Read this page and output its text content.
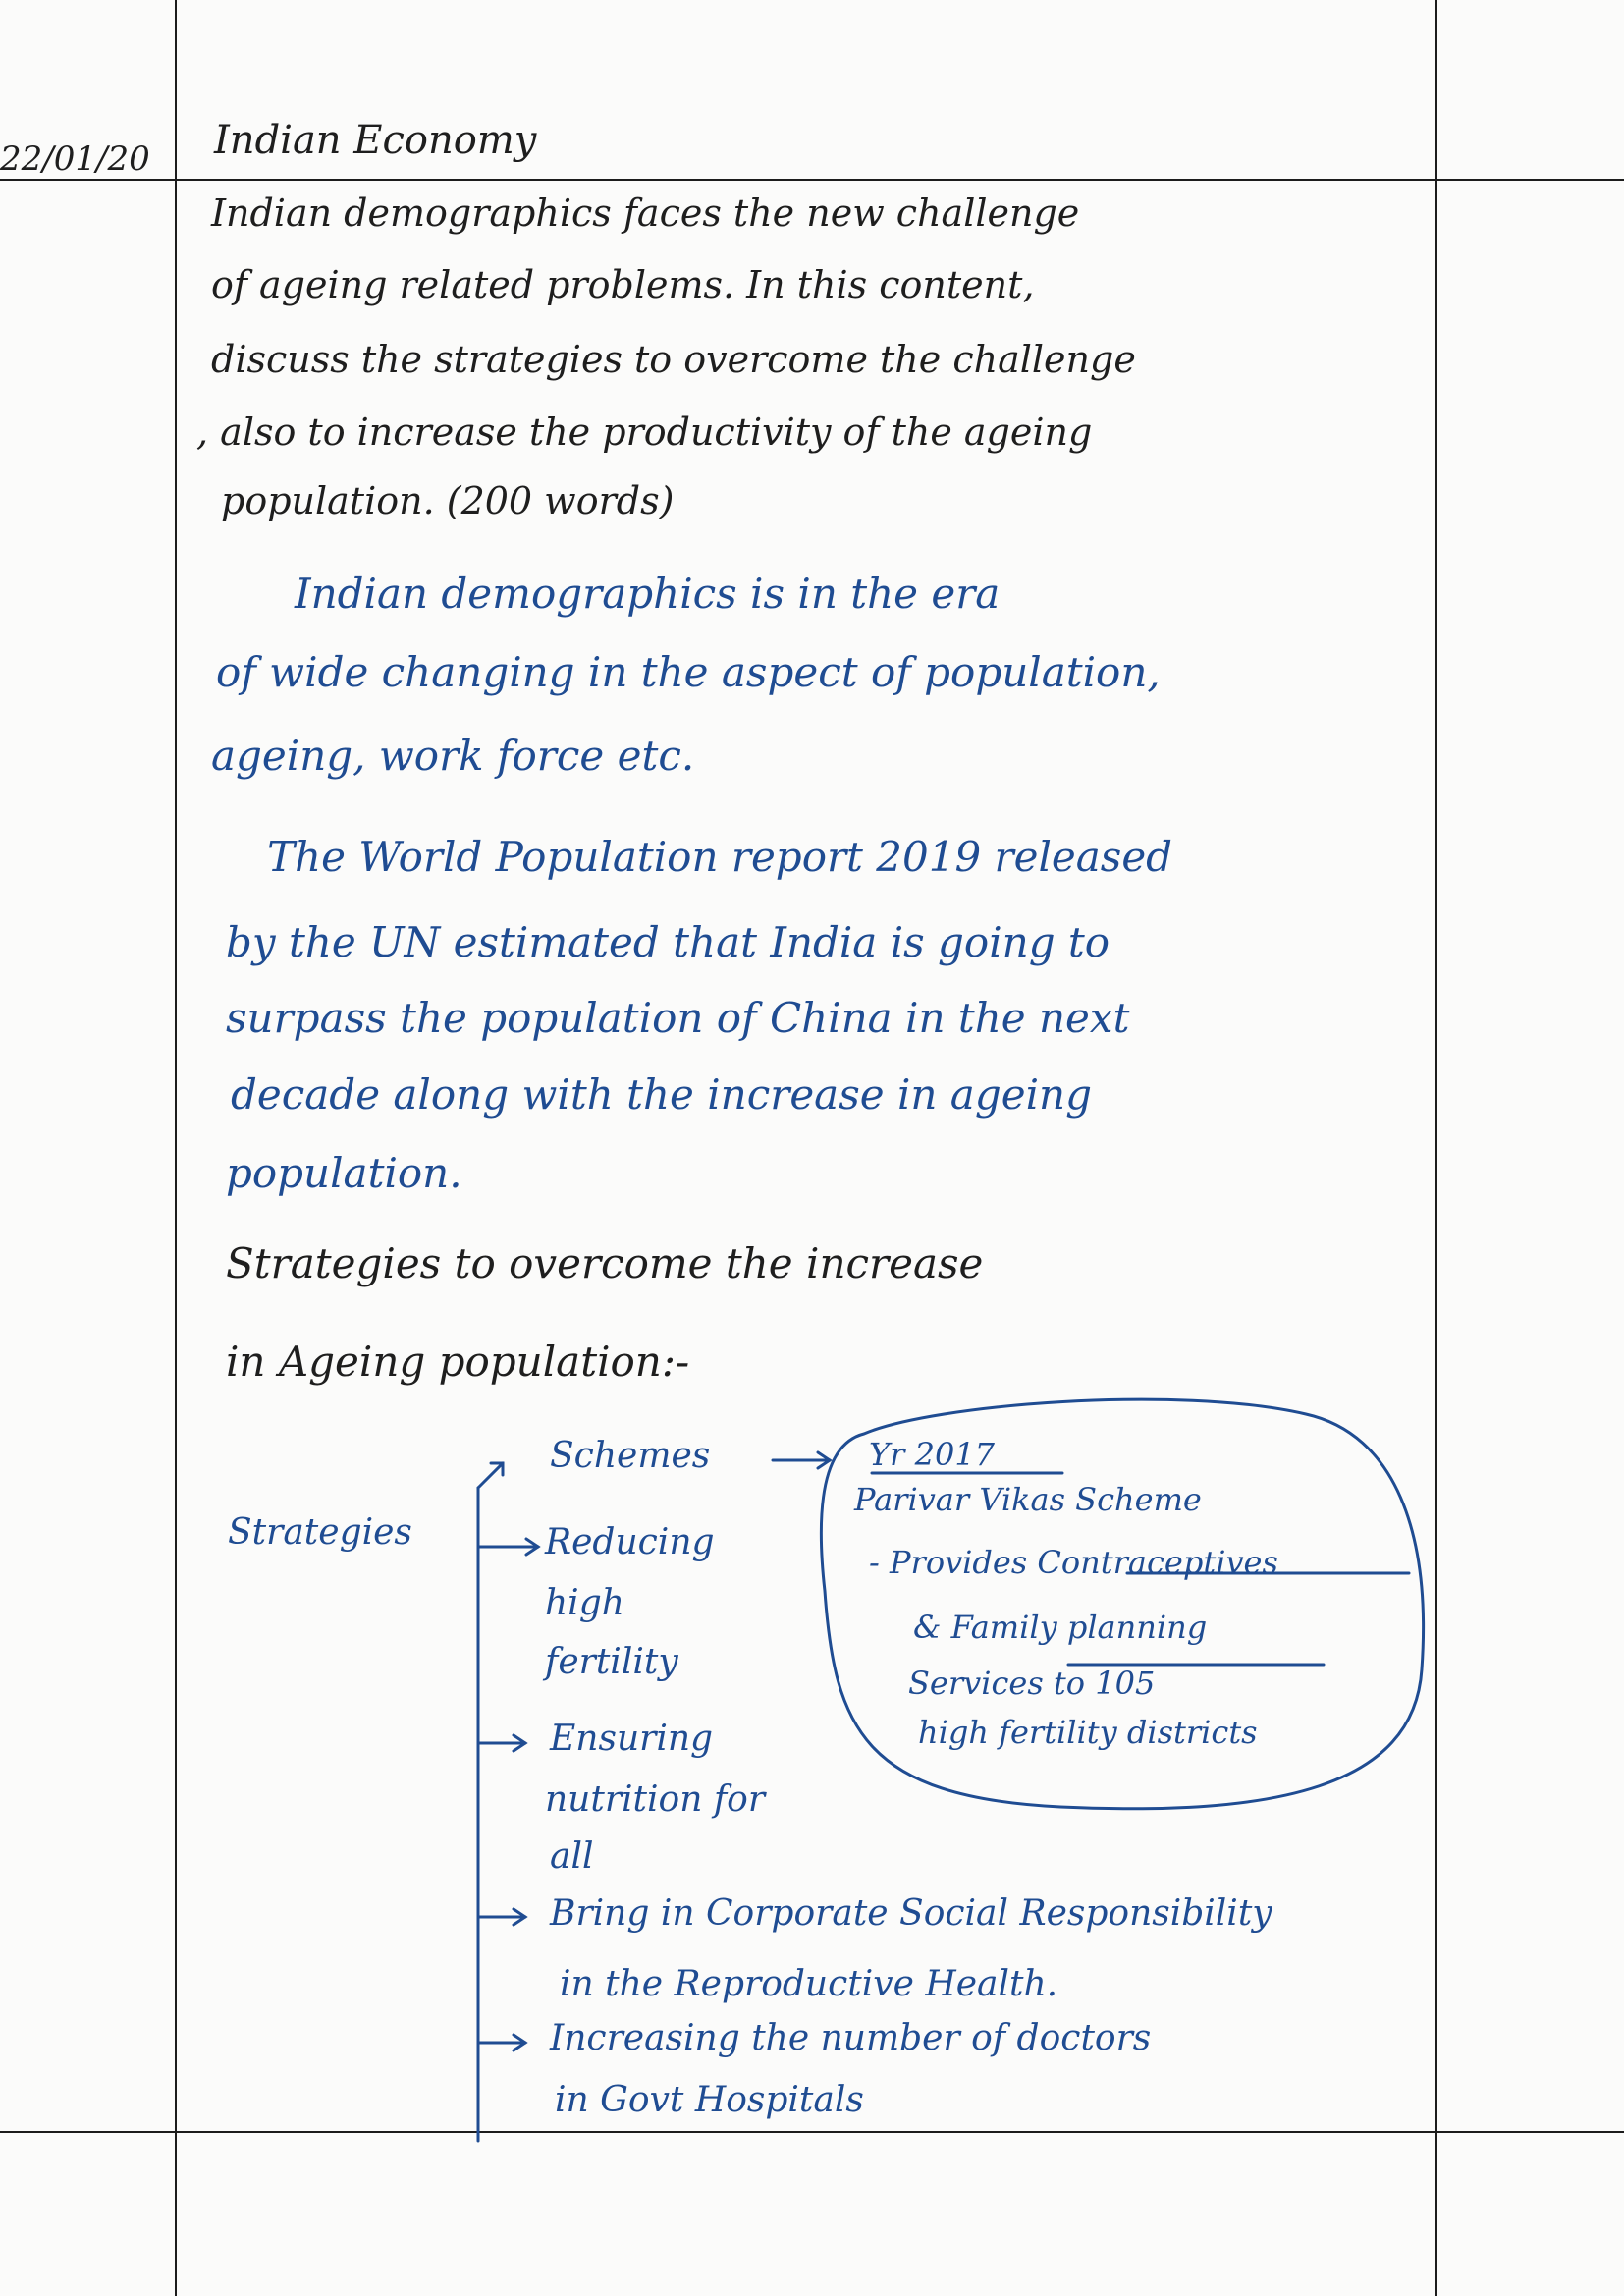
22/01/20 Indian Economy
Indian demographics faces the new challenge
of ageing related problems. In this content,
discuss the strategies to overcome the challenge
, also to increase the productivity of the ageing
population. (200 words)
Indian demographics is in the era
of wide changing in the aspect of population,
ageing, work force etc.
The World Population report 2019 released
by the UN estimated that India is going to
surpass the population of China in the next
decade along with the increase in ageing
population.
Strategies to overcome the increase
in Ageing population:-
Strategies
Schemes
Reducing
high
fertility
Ensuring
nutrition for
all
Bring in Corporate Social Responsibility
in the Reproductive Health.
Increasing the number of doctors
in Govt Hospitals
Yr 2017
Parivar Vikas Scheme
- Provides Contraceptives
& Family planning
Services to 105
high fertility districts
